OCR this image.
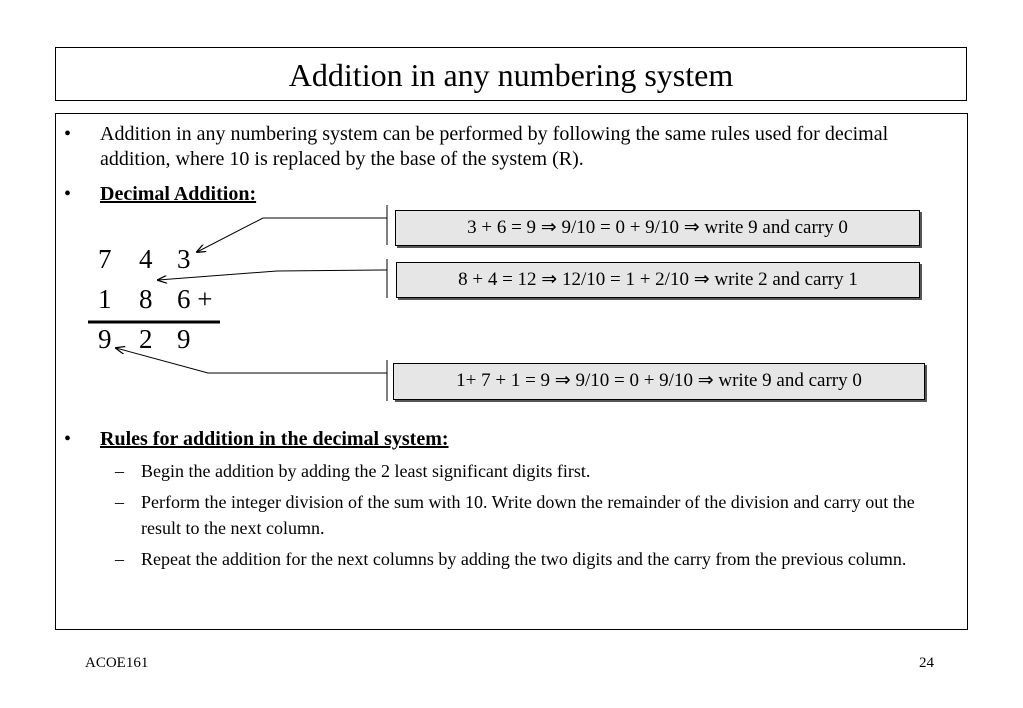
Addition in any numbering system
• Addition in any numbering system can be performed by following the same rules used for decimal addition, where 10 is replaced by the base of the system (R).
• Decimal Addition:
• Rules for addition in the decimal system:
– Begin the addition by adding the 2 least significant digits first.
– Perform the integer division of the sum with 10. Write down the remainder of the division and carry out the result to the next column.
– Repeat the addition for the next columns by adding the two digits and the carry from the previous column.
7 4 3
1 8 6 +
9 2 9
3 + 6 = 9 ⇒ 9/10 = 0 + 9/10 ⇒ write 9 and carry 0
8 + 4 = 12 ⇒ 12/10 = 1 + 2/10 ⇒ write 2 and carry 1
1+ 7 + 1 = 9 ⇒ 9/10 = 0 + 9/10 ⇒ write 9 and carry 0
ACOE161	24
